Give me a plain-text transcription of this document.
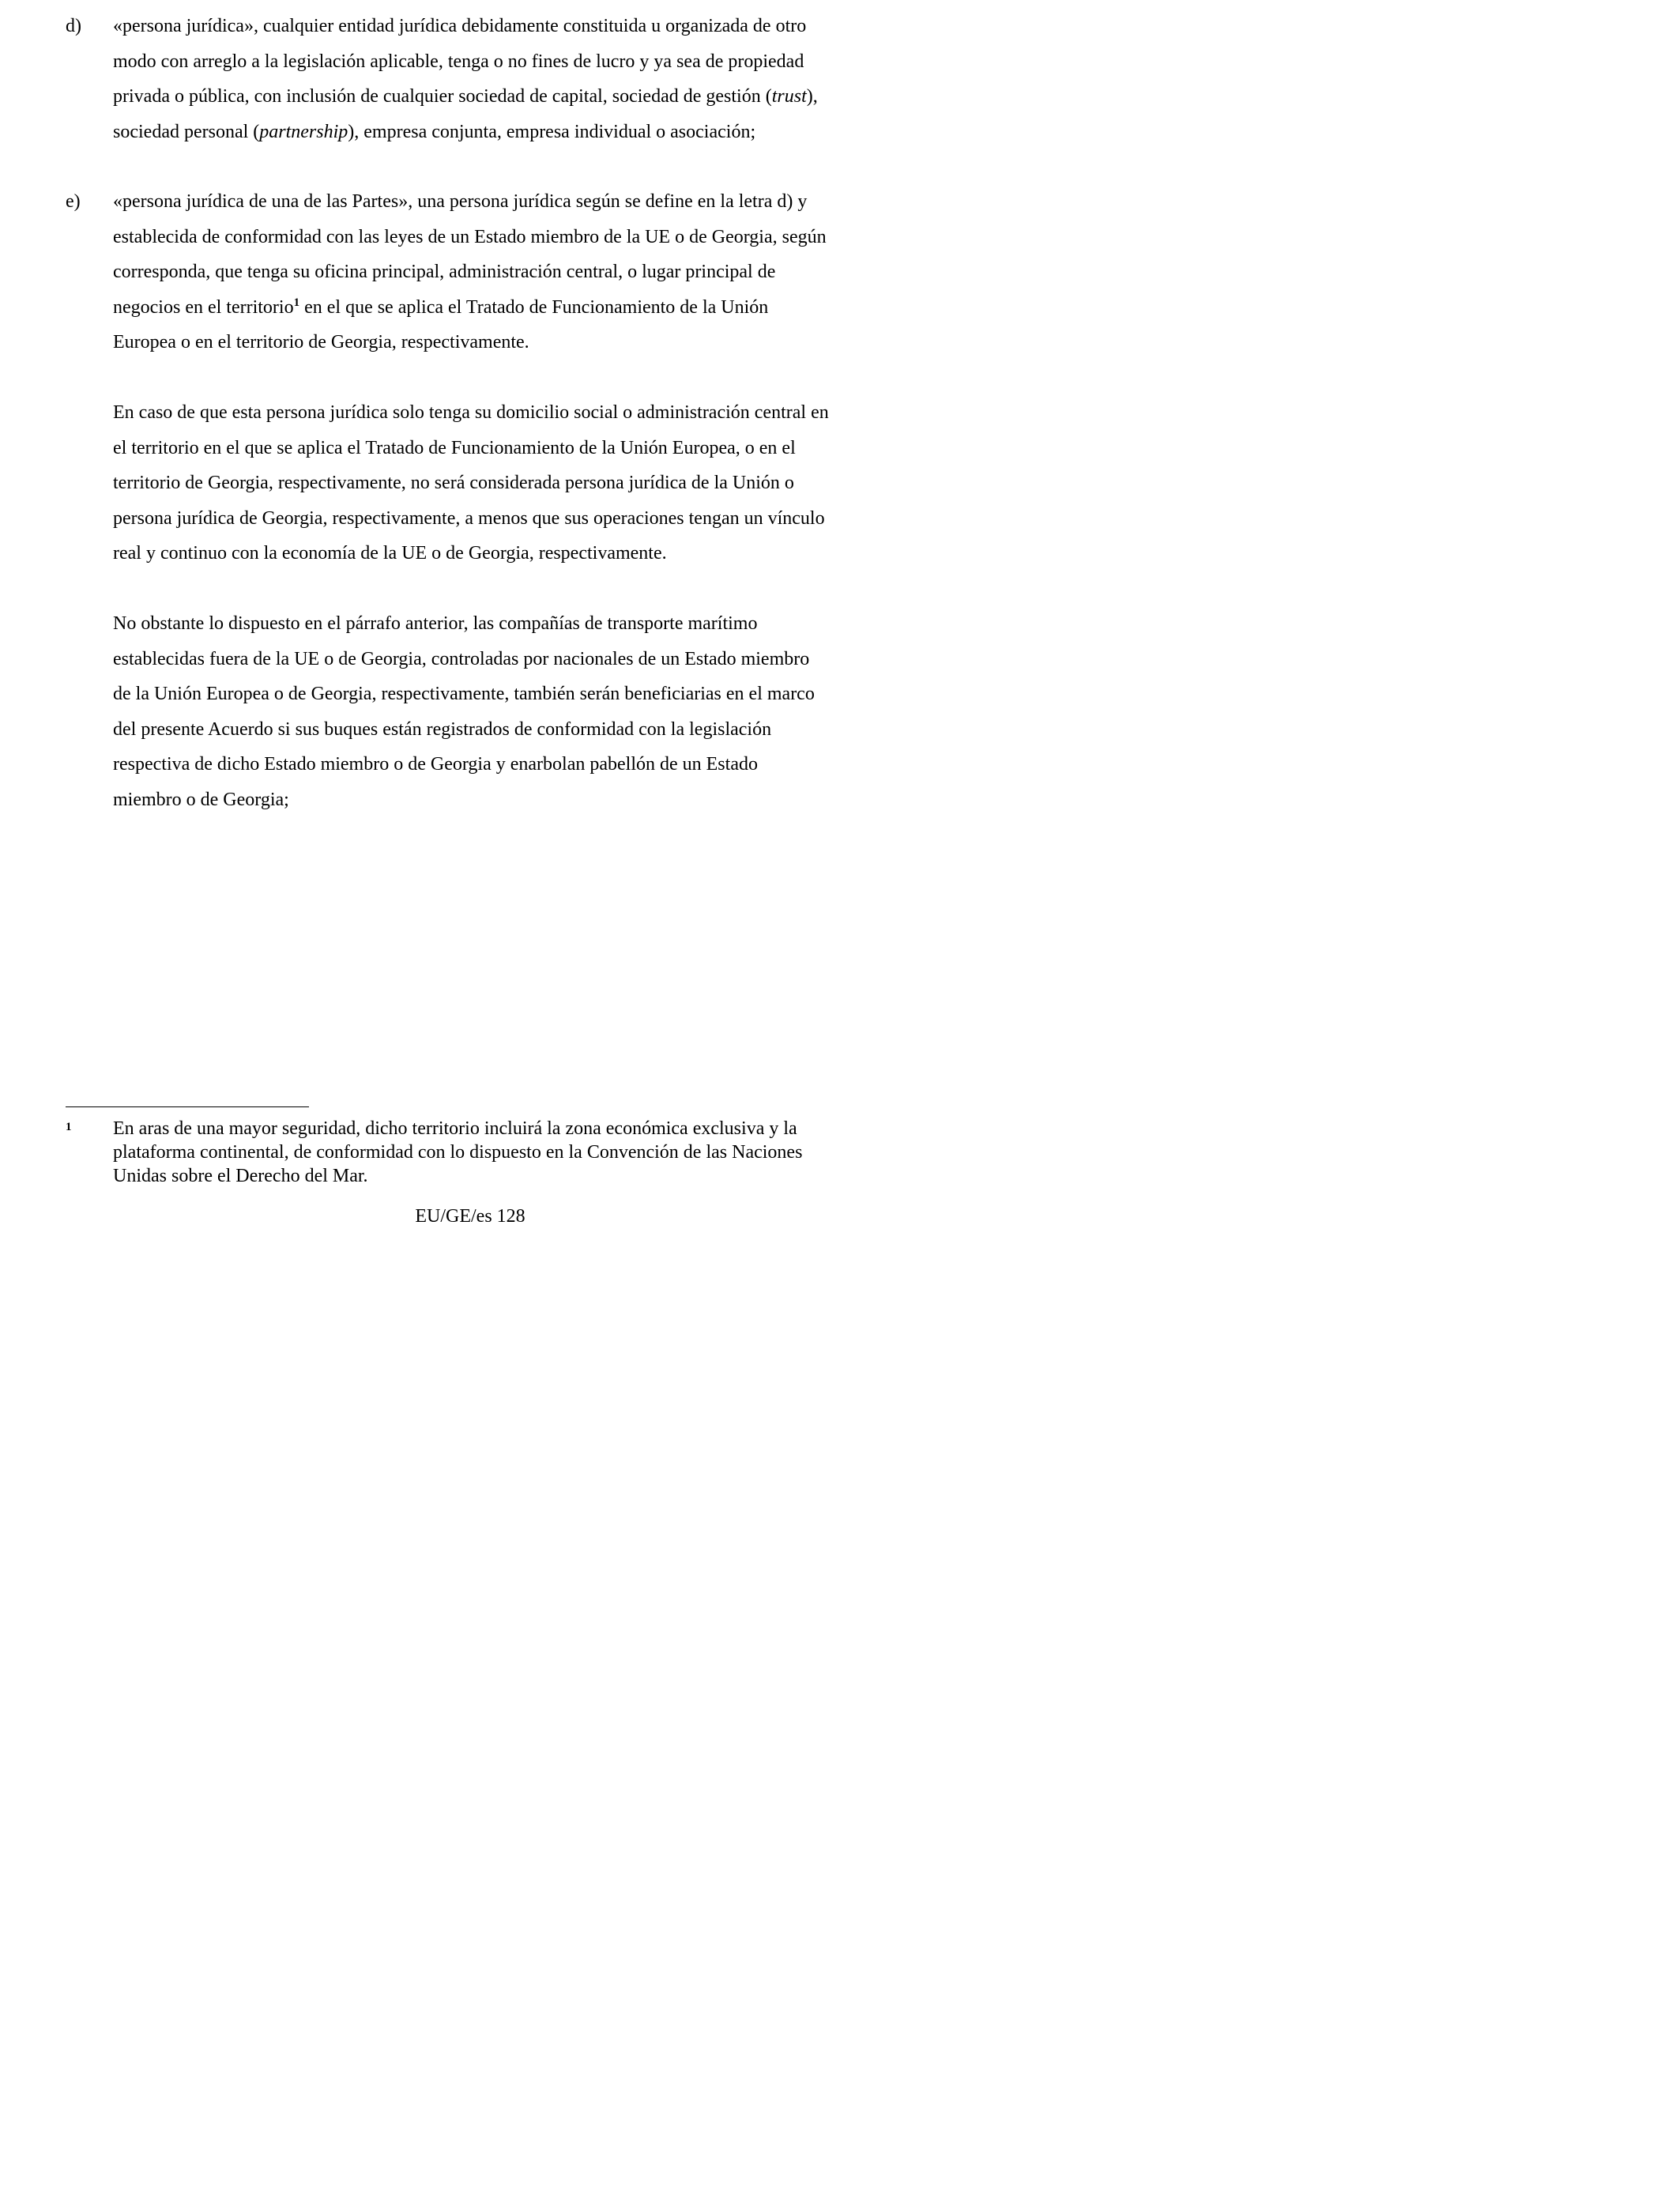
d) «persona jurídica», cualquier entidad jurídica debidamente constituida u organizada de otro
modo con arreglo a la legislación aplicable, tenga o no fines de lucro y ya sea de propiedad
privada o pública, con inclusión de cualquier sociedad de capital, sociedad de gestión (trust),
sociedad personal (partnership), empresa conjunta, empresa individual o asociación;
e) «persona jurídica de una de las Partes», una persona jurídica según se define en la letra d) y
establecida de conformidad con las leyes de un Estado miembro de la UE o de Georgia, según
corresponda, que tenga su oficina principal, administración central, o lugar principal de
negocios en el territorio$^1$ en el que se aplica el Tratado de Funcionamiento de la Unión
Europea o en el territorio de Georgia, respectivamente.
En caso de que esta persona jurídica solo tenga su domicilio social o administración central en
el territorio en el que se aplica el Tratado de Funcionamiento de la Unión Europea, o en el
territorio de Georgia, respectivamente, no será considerada persona jurídica de la Unión o
persona jurídica de Georgia, respectivamente, a menos que sus operaciones tengan un vínculo
real y continuo con la economía de la UE o de Georgia, respectivamente.
No obstante lo dispuesto en el párrafo anterior, las compañías de transporte marítimo
establecidas fuera de la UE o de Georgia, controladas por nacionales de un Estado miembro
de la Unión Europea o de Georgia, respectivamente, también serán beneficiarias en el marco
del presente Acuerdo si sus buques están registrados de conformidad con la legislación
respectiva de dicho Estado miembro o de Georgia y enarbolan pabellón de un Estado
miembro o de Georgia;
1 En aras de una mayor seguridad, dicho territorio incluirá la zona económica exclusiva y la
plataforma continental, de conformidad con lo dispuesto en la Convención de las Naciones
Unidas sobre el Derecho del Mar.
EU/GE/es 128
